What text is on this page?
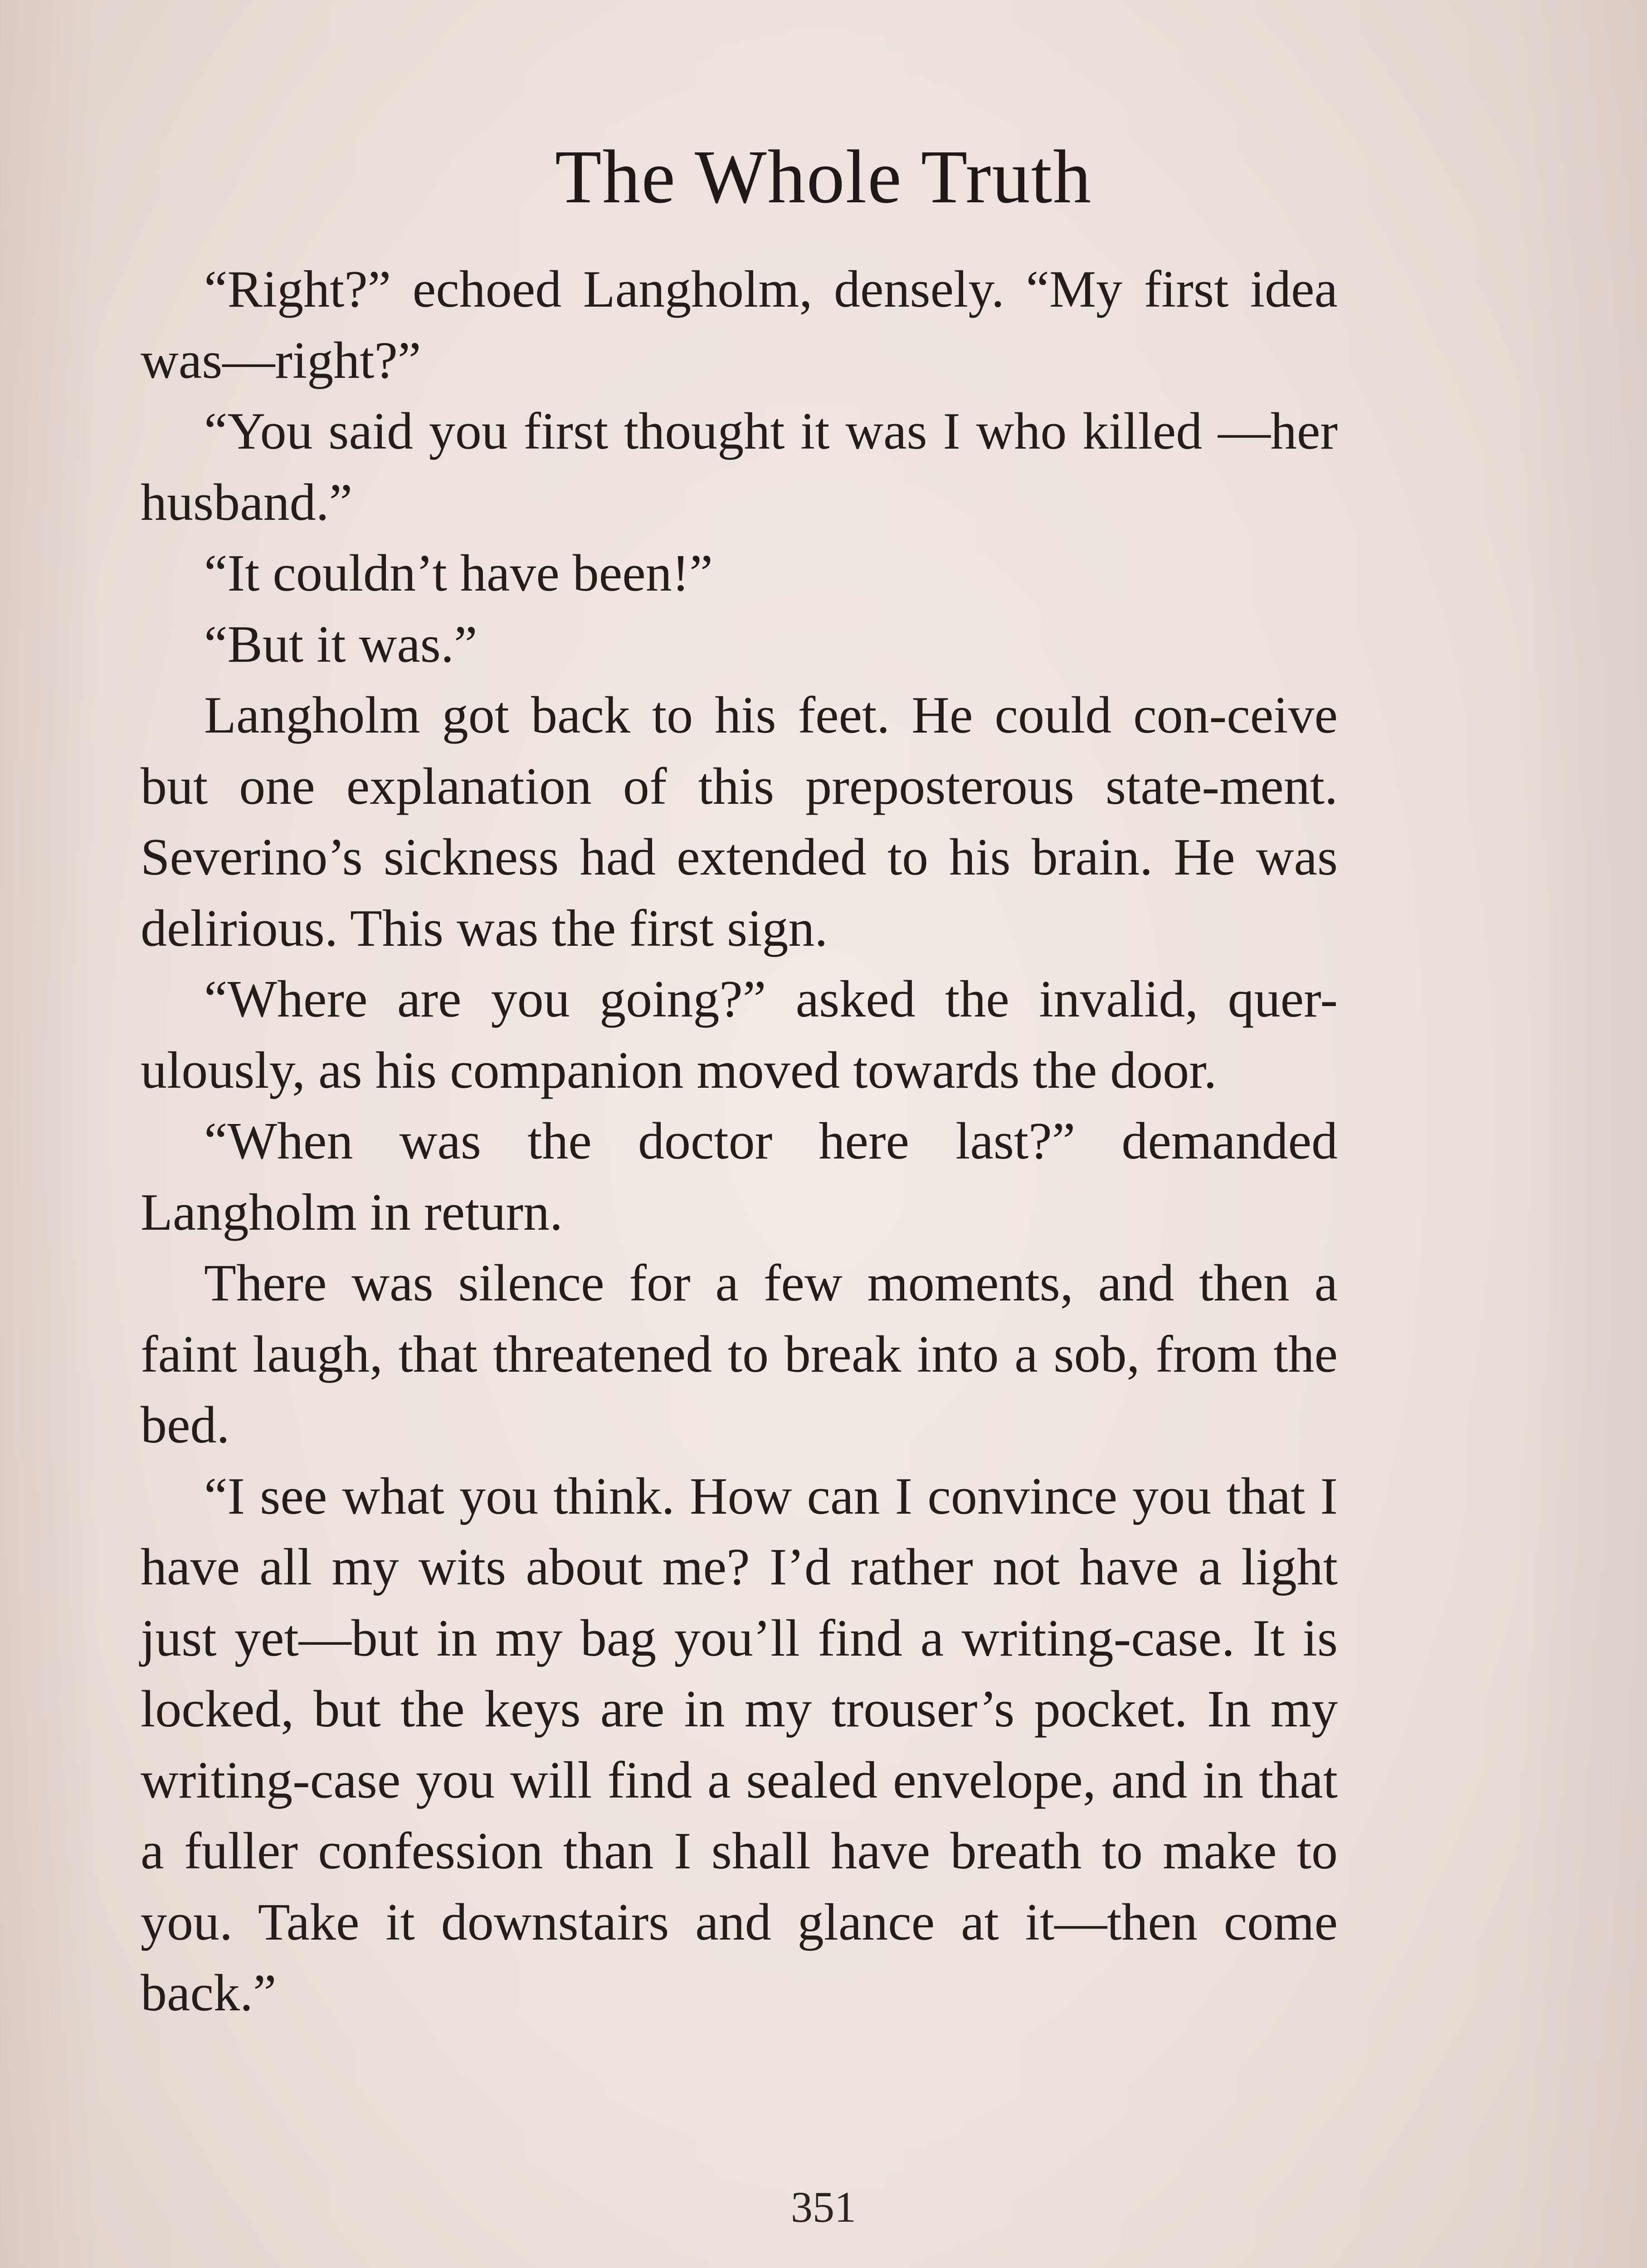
The Whole Truth

“Right?” echoed Langholm, densely. “My first idea was—right?”

“You said you first thought it was I who killed —her husband.”

“It couldn’t have been!”

“But it was.”

Langholm got back to his feet. He could con-ceive but one explanation of this preposterous state-ment. Severino’s sickness had extended to his brain. He was delirious. This was the first sign.

“Where are you going?” asked the invalid, quer-ulously, as his companion moved towards the door.

“When was the doctor here last?” demanded Langholm in return.

There was silence for a few moments, and then a faint laugh, that threatened to break into a sob, from the bed.

“I see what you think. How can I convince you that I have all my wits about me? I’d rather not have a light just yet—but in my bag you’ll find a writing-case. It is locked, but the keys are in my trouser’s pocket. In my writing-case you will find a sealed envelope, and in that a fuller confession than I shall have breath to make to you. Take it downstairs and glance at it—then come back.”

351
